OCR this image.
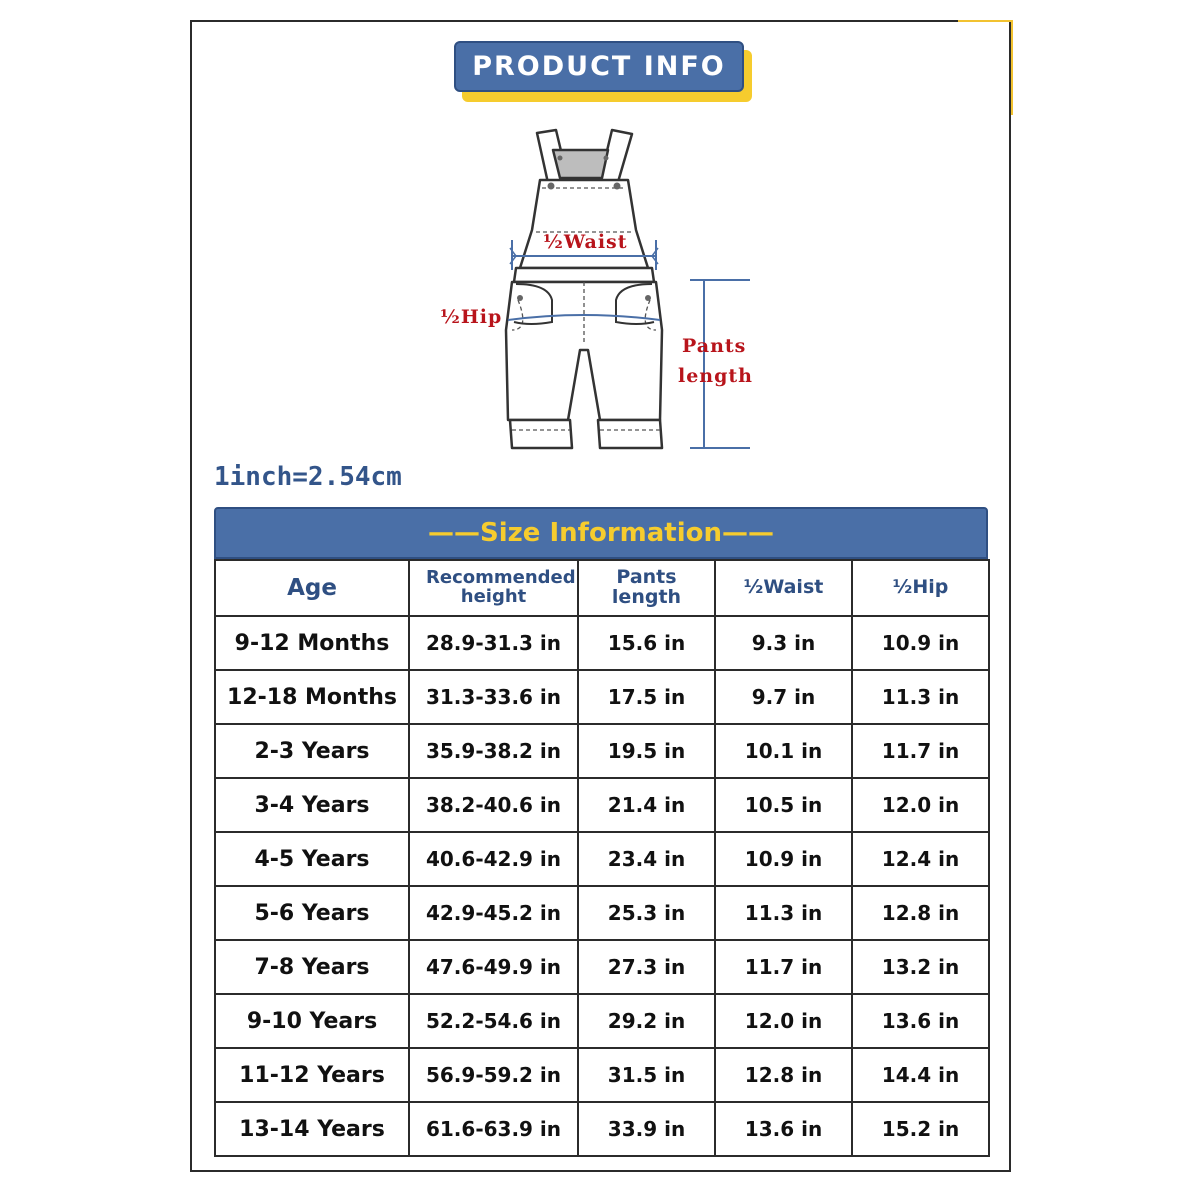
PRODUCT INFO
½Waist
½Hip
Pants
length
1inch=2.54cm
——Size Information——
Age	Recommended height	Pants length	½Waist	½Hip
9-12 Months	28.9-31.3 in	15.6 in	9.3 in	10.9 in
12-18 Months	31.3-33.6 in	17.5 in	9.7 in	11.3 in
2-3 Years	35.9-38.2 in	19.5 in	10.1 in	11.7 in
3-4 Years	38.2-40.6 in	21.4 in	10.5 in	12.0 in
4-5 Years	40.6-42.9 in	23.4 in	10.9 in	12.4 in
5-6 Years	42.9-45.2 in	25.3 in	11.3 in	12.8 in
7-8 Years	47.6-49.9 in	27.3 in	11.7 in	13.2 in
9-10 Years	52.2-54.6 in	29.2 in	12.0 in	13.6 in
11-12 Years	56.9-59.2 in	31.5 in	12.8 in	14.4 in
13-14 Years	61.6-63.9 in	33.9 in	13.6 in	15.2 in
